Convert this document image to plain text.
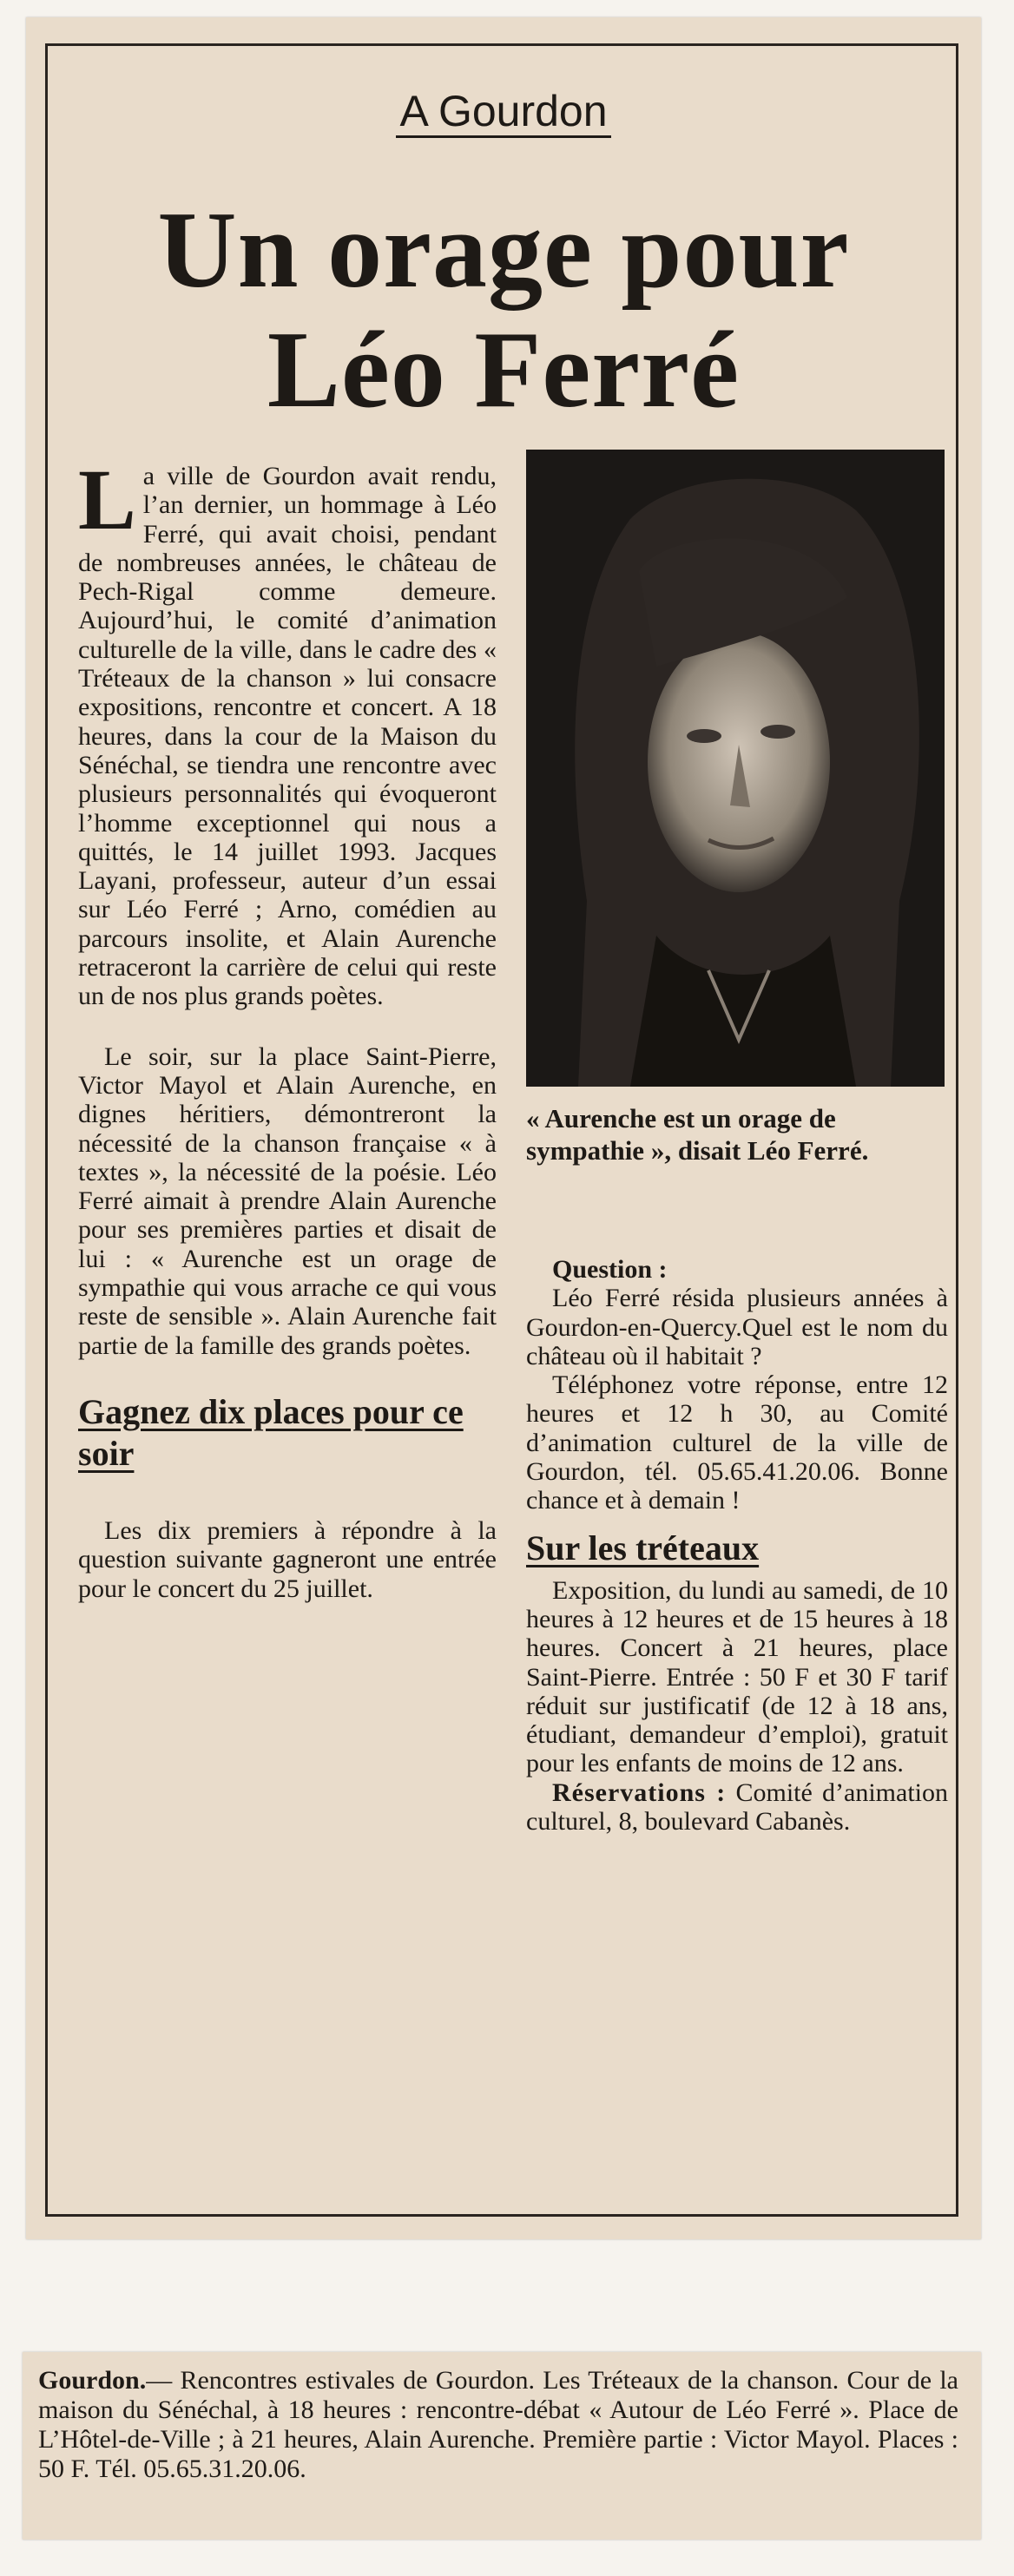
A Gourdon
Un orage pour
Léo Ferré

La ville de Gourdon avait rendu, l’an dernier, un hommage à Léo Ferré, qui avait choisi, pendant de nombreuses années, le château de Pech-Rigal comme demeure. Aujourd’hui, le comité d’animation culturelle de la ville, dans le cadre des « Tréteaux de la chanson » lui consacre expositions, rencontre et concert. A 18 heures, dans la cour de la Maison du Sénéchal, se tiendra une rencontre avec plusieurs personnalités qui évoqueront l’homme exceptionnel qui nous a quittés, le 14 juillet 1993. Jacques Layani, professeur, auteur d’un essai sur Léo Ferré ; Arno, comédien au parcours insolite, et Alain Aurenche retraceront la carrière de celui qui reste un de nos plus grands poètes.

Le soir, sur la place Saint-Pierre, Victor Mayol et Alain Aurenche, en dignes héritiers, démontreront la nécessité de la chanson française « à textes », la nécessité de la poésie. Léo Ferré aimait à prendre Alain Aurenche pour ses premières parties et disait de lui : « Aurenche est un orage de sympathie qui vous arrache ce qui vous reste de sensible ». Alain Aurenche fait partie de la famille des grands poètes.

Gagnez dix places pour ce soir

Les dix premiers à répondre à la question suivante gagneront une entrée pour le concert du 25 juillet.

« Aurenche est un orage de sympathie », disait Léo Ferré.

Question :

Léo Ferré résida plusieurs années à Gourdon-en-Quercy.Quel est le nom du château où il habitait ?

Téléphonez votre réponse, entre 12 heures et 12 h 30, au Comité d’animation culturel de la ville de Gourdon, tél. 05.65.41.20.06. Bonne chance et à demain !

Sur les tréteaux

Exposition, du lundi au samedi, de 10 heures à 12 heures et de 15 heures à 18 heures. Concert à 21 heures, place Saint-Pierre. Entrée : 50 F et 30 F tarif réduit sur justificatif (de 12 à 18 ans, étudiant, demandeur d’emploi), gratuit pour les enfants de moins de 12 ans.

Réservations : Comité d’animation culturel, 8, boulevard Cabanès.

Gourdon.— Rencontres estivales de Gourdon. Les Tréteaux de la chanson. Cour de la maison du Sénéchal, à 18 heures : rencontre-débat « Autour de Léo Ferré ». Place de L’Hôtel-de-Ville ; à 21 heures, Alain Aurenche. Première partie : Victor Mayol. Places : 50 F. Tél. 05.65.31.20.06.
